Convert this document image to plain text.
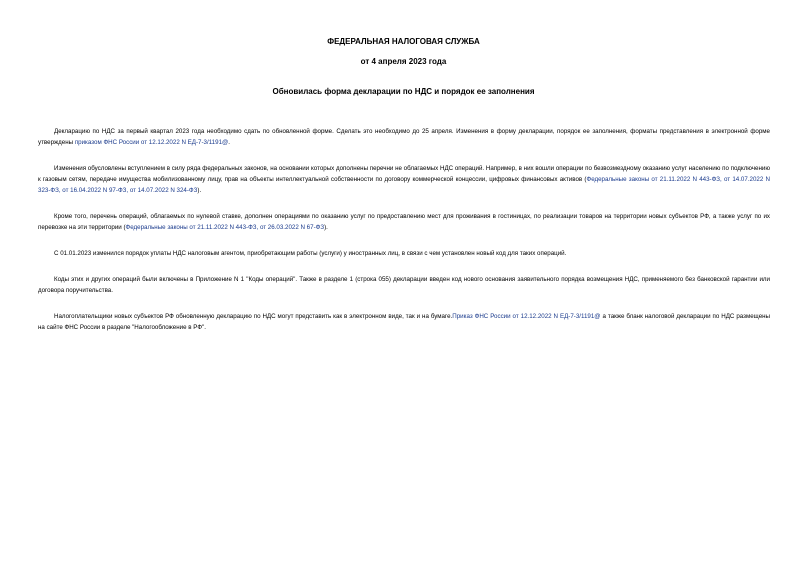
ФЕДЕРАЛЬНАЯ НАЛОГОВАЯ СЛУЖБА
от 4 апреля 2023 года
Обновилась форма декларации по НДС и порядок ее заполнения

Декларацию по НДС за первый квартал 2023 года необходимо сдать по обновленной форме. Сделать это необходимо до 25 апреля. Изменения в форму декларации, порядок ее заполнения, форматы представления в электронной форме утверждены приказом ФНС России от 12.12.2022 N ЕД-7-3/1191@.

Изменения обусловлены вступлением в силу ряда федеральных законов, на основании которых дополнены перечни не облагаемых НДС операций. Например, в них вошли операции по безвозмездному оказанию услуг населению по подключению к газовым сетям, передаче имущества мобилизованному лицу, прав на объекты интеллектуальной собственности по договору коммерческой концессии, цифровых финансовых активов (Федеральные законы от 21.11.2022 N 443-ФЗ, от 14.07.2022 N 323-ФЗ, от 16.04.2022 N 97-ФЗ, от 14.07.2022 N 324-ФЗ).

Кроме того, перечень операций, облагаемых по нулевой ставке, дополнен операциями по оказанию услуг по предоставлению мест для проживания в гостиницах, по реализации товаров на территории новых субъектов РФ, а также услуг по их перевозке на эти территории (Федеральные законы от 21.11.2022 N 443-ФЗ, от 26.03.2022 N 67-ФЗ).

С 01.01.2023 изменился порядок уплаты НДС налоговым агентом, приобретающим работы (услуги) у иностранных лиц, в связи с чем установлен новый код для таких операций.

Коды этих и других операций были включены в Приложение N 1 "Коды операций". Также в разделе 1 (строка 055) декларации введен код нового основания заявительного порядка возмещения НДС, применяемого без банковской гарантии или договора поручительства.

Налогоплательщики новых субъектов РФ обновленную декларацию по НДС могут представить как в электронном виде, так и на бумаге.Приказ ФНС России от 12.12.2022 N ЕД-7-3/1191@ а также бланк налоговой декларации по НДС размещены на сайте ФНС России в разделе "Налогообложение в РФ".
